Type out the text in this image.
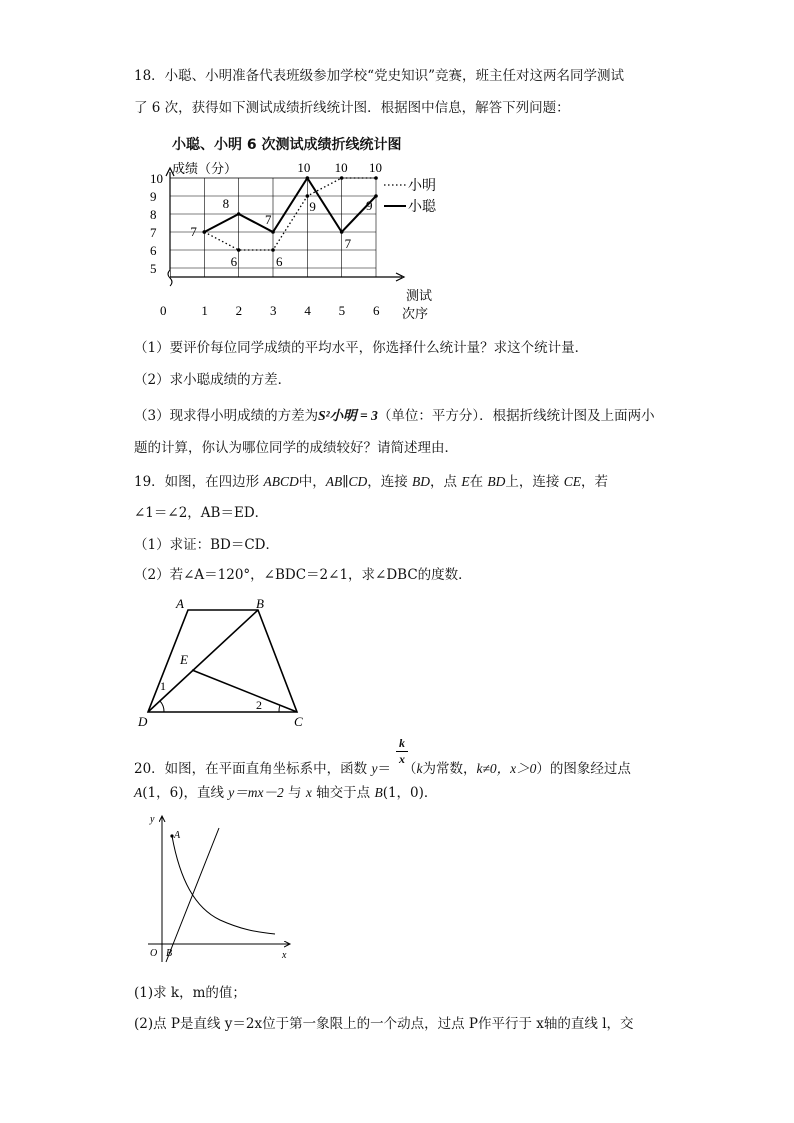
18．小聪、小明准备代表班级参加学校“党史知识”竞赛，班主任对这两名同学测试
了 6 次，获得如下测试成绩折线统计图．根据图中信息，解答下列问题：
小聪、小明 6 次测试成绩折线统计图
成绩（分）
5
6
7
8
9
10
0	1 2 3 4 5 6
测试
次序
6	6
9
10 10
7
8
7
10
7
9
小明
小聪
（1）要评价每位同学成绩的平均水平，你选择什么统计量？求这个统计量．
（2）求小聪成绩的方差．
（3）现求得小明成绩的方差为S²小明 = 3（单位：平方分）．根据折线统计图及上面两小
题的计算，你认为哪位同学的成绩较好？请简述理由．
19．如图，在四边形 ABCD中，AB∥CD，连接 BD，点 E在 BD上，连接 CE，若
∠1＝∠2，AB＝ED．
（1）求证：BD＝CD．
（2）若∠A＝120°，∠BDC＝2∠1，求∠DBC的度数．
A	B
C
D
E
1
2
k
x
20．如图，在平面直角坐标系中，函数 y＝ （k为常数，k≠0，x＞0）的图象经过点
A(1，6)，直线 y＝mx－2 与 x 轴交于点 B(1，0)．
y
x
O
A
B
(1)求 k，m的值；
(2)点 P是直线 y＝2x位于第一象限上的一个动点，过点 P作平行于 x轴的直线 l，交
